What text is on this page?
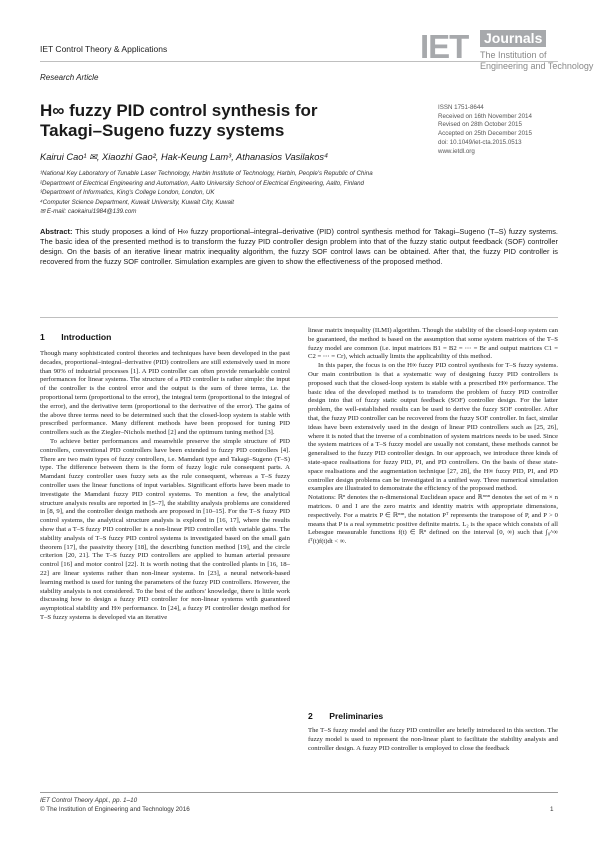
IET Control Theory & Applications
Research Article
IET Journals
The Institution of
Engineering and Technology
H∞ fuzzy PID control synthesis for
Takagi–Sugeno fuzzy systems
ISSN 1751-8644
Received on 16th November 2014
Revised on 28th October 2015
Accepted on 25th December 2015
doi: 10.1049/iet-cta.2015.0513
www.ietdl.org
Kairui Cao¹ ✉, Xiaozhi Gao², Hak-Keung Lam³, Athanasios Vasilakos⁴
¹National Key Laboratory of Tunable Laser Technology, Harbin Institute of Technology, Harbin, People's Republic of China
²Department of Electrical Engineering and Automation, Aalto University School of Electrical Engineering, Aalto, Finland
³Department of Informatics, King's College London, London, UK
⁴Computer Science Department, Kuwait University, Kuwait City, Kuwait
✉ E-mail: caokairui1984@139.com
Abstract: This study proposes a kind of H∞ fuzzy proportional–integral–derivative (PID) control synthesis method for Takagi–Sugeno (T–S) fuzzy systems. The basic idea of the presented method is to transform the fuzzy PID controller design problem into that of the fuzzy static output feedback (SOF) controller design. On the basis of an iterative linear matrix inequality algorithm, the fuzzy SOF control laws can be obtained. After that, the fuzzy PID controller is recovered from the fuzzy SOF controller. Simulation examples are given to show the effectiveness of the proposed method.
1 Introduction

Though many sophisticated control theories and techniques have been developed in the past decades, proportional–integral–derivative (PID) controllers are still extensively used in more than 90% of industrial processes [1]. A PID controller can often provide remarkable control performances for linear systems. The structure of a PID controller is rather simple: the input of the controller is the control error and the output is the sum of three terms, i.e. the proportional term (proportional to the error), the integral term (proportional to the integral of the error), and the derivative term (proportional to the derivative of the error). The gains of the above three terms need to be determined such that the closed-loop system is stable with prescribed performance. Many different methods have been proposed for tuning PID controllers such as the Ziegler–Nichols method [2] and the optimum tuning method [3].

To achieve better performances and meanwhile preserve the simple structure of PID controllers, conventional PID controllers have been extended to fuzzy PID controllers [4]. There are two main types of fuzzy controllers, i.e. Mamdani type and Takagi–Sugeno (T–S) type. The difference between them is the form of fuzzy logic rule consequent parts. A Mamdani fuzzy controller uses fuzzy sets as the rule consequent, whereas a T–S fuzzy controller uses the linear functions of input variables. Significant efforts have been made to investigate the Mamdani fuzzy PID control systems. To mention a few, the analytical structure analysis results are reported in [5–7], the stability analysis problems are considered in [8, 9], and the controller design methods are proposed in [10–15]. For the T–S fuzzy PID control systems, the analytical structure analysis is explored in [16, 17], where the results show that a T–S fuzzy PID controller is a non-linear PID controller with variable gains. The stability analysis of T–S fuzzy PID control systems is investigated based on the small gain theorem [17], the passivity theory [18], the describing function method [19], and the circle criterion [20, 21]. The T–S fuzzy PID controllers are applied to human arterial pressure control [16] and motor control [22]. It is worth noting that the controlled plants in [16, 18–22] are linear systems rather than non-linear systems. In [23], a neural network-based learning method is used for tuning the parameters of the fuzzy PID controllers. However, the stability analysis is not considered. To the best of the authors' knowledge, there is little work discussing how to design a fuzzy PID controller for non-linear systems with guaranteed asymptotical stability and H∞ performance. In [24], a fuzzy PI controller design method for T–S fuzzy systems is developed via an iterative

linear matrix inequality (ILMI) algorithm. Though the stability of the closed-loop system can be guaranteed, the method is based on the assumption that some system matrices of the T–S fuzzy model are common (i.e. input matrices B1 = B2 = ⋯ = Br and output matrices C1 = C2 = ⋯ = Cr), which actually limits the applicability of this method.

In this paper, the focus is on the H∞ fuzzy PID control synthesis for T–S fuzzy systems. Our main contribution is that a systematic way of designing fuzzy PID controllers is proposed such that the closed-loop system is stable with a prescribed H∞ performance. The basic idea of the developed method is to transform the problem of fuzzy PID controller design into that of fuzzy static output feedback (SOF) controller design. For the latter problem, the well-established results can be used to derive the fuzzy SOF controller. After that, the fuzzy PID controller can be recovered from the fuzzy SOF controller. In fact, similar ideas have been extensively used in the design of linear PID controllers such as [25, 26], where it is noted that the inverse of a combination of system matrices needs to be used. Since the system matrices of a T–S fuzzy model are usually not constant, these methods cannot be generalised to the fuzzy PID controller design. In our approach, we introduce three kinds of state-space realisations for fuzzy PID, PI, and PD controllers. On the basis of these state-space realisations and the augmentation technique [27, 28], the H∞ fuzzy PID, PI, and PD controller design problems can be investigated in a unified way. Three numerical simulation examples are illustrated to demonstrate the efficiency of the proposed method.

Notations: ℝⁿ denotes the n-dimensional Euclidean space and ℝᵐˣⁿ denotes the set of m × n matrices. 0 and I are the zero matrix and identity matrix with appropriate dimensions, respectively. For a matrix P ∈ ℝⁿˣⁿ, the notation Pᵀ represents the transpose of P, and P > 0 means that P is a real symmetric positive definite matrix. L₂ is the space which consists of all Lebesgue measurable functions f(t) ∈ ℝⁿ defined on the interval [0, ∞) such that ∫₀^∞ fᵀ(t)f(t)dt < ∞.

2 Preliminaries

The T–S fuzzy model and the fuzzy PID controller are briefly introduced in this section. The fuzzy model is used to represent the non-linear plant to facilitate the stability analysis and controller design. A fuzzy PID controller is employed to close the feedback

IET Control Theory Appl., pp. 1–10
© The Institution of Engineering and Technology 2016	1
